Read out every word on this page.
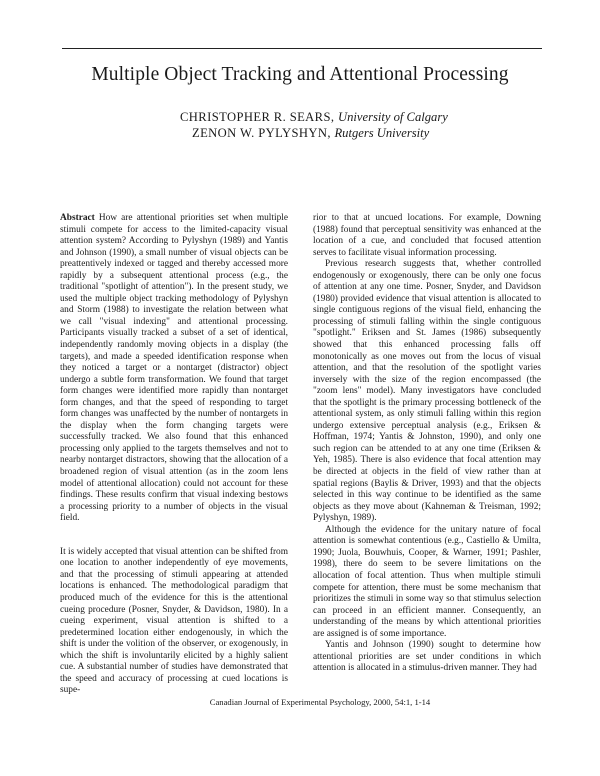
Multiple Object Tracking and Attentional Processing
CHRISTOPHER R. SEARS, University of Calgary
ZENON W. PYLYSHYN, Rutgers University

Abstract How are attentional priorities set when multiple stimuli compete for access to the limited-capacity visual attention system? According to Pylyshyn (1989) and Yantis and Johnson (1990), a small number of visual objects can be preattentively indexed or tagged and thereby accessed more rapidly by a subsequent attentional process (e.g., the traditional "spotlight of attention"). In the present study, we used the multiple object tracking methodology of Pylyshyn and Storm (1988) to investigate the relation between what we call "visual indexing" and attentional processing. Participants visually tracked a subset of a set of identical, independently randomly moving objects in a display (the targets), and made a speeded identification response when they noticed a target or a nontarget (distractor) object undergo a subtle form transformation. We found that target form changes were identified more rapidly than nontarget form changes, and that the speed of responding to target form changes was unaffected by the number of nontargets in the display when the form changing targets were successfully tracked. We also found that this enhanced processing only applied to the targets themselves and not to nearby nontarget distractors, showing that the allocation of a broadened region of visual attention (as in the zoom lens model of attentional allocation) could not account for these findings. These results confirm that visual indexing bestows a processing priority to a number of objects in the visual field.

It is widely accepted that visual attention can be shifted from one location to another independently of eye movements, and that the processing of stimuli appearing at attended locations is enhanced. The methodological paradigm that produced much of the evidence for this is the attentional cueing procedure (Posner, Snyder, & Davidson, 1980). In a cueing experiment, visual attention is shifted to a predetermined location either endogenously, in which the shift is under the volition of the observer, or exogenously, in which the shift is involuntarily elicited by a highly salient cue. A substantial number of studies have demonstrated that the speed and accuracy of processing at cued locations is supe-

rior to that at uncued locations. For example, Downing (1988) found that perceptual sensitivity was enhanced at the location of a cue, and concluded that focused attention serves to facilitate visual information processing.

Previous research suggests that, whether controlled endogenously or exogenously, there can be only one focus of attention at any one time. Posner, Snyder, and Davidson (1980) provided evidence that visual attention is allocated to single contiguous regions of the visual field, enhancing the processing of stimuli falling within the single contiguous "spotlight." Eriksen and St. James (1986) subsequently showed that this enhanced processing falls off monotonically as one moves out from the locus of visual attention, and that the resolution of the spotlight varies inversely with the size of the region encompassed (the "zoom lens" model). Many investigators have concluded that the spotlight is the primary processing bottleneck of the attentional system, as only stimuli falling within this region undergo extensive perceptual analysis (e.g., Eriksen & Hoffman, 1974; Yantis & Johnston, 1990), and only one such region can be attended to at any one time (Eriksen & Yeh, 1985). There is also evidence that focal attention may be directed at objects in the field of view rather than at spatial regions (Baylis & Driver, 1993) and that the objects selected in this way continue to be identified as the same objects as they move about (Kahneman & Treisman, 1992; Pylyshyn, 1989).

Although the evidence for the unitary nature of focal attention is somewhat contentious (e.g., Castiello & Umilta, 1990; Juola, Bouwhuis, Cooper, & Warner, 1991; Pashler, 1998), there do seem to be severe limitations on the allocation of focal attention. Thus when multiple stimuli compete for attention, there must be some mechanism that prioritizes the stimuli in some way so that stimulus selection can proceed in an efficient manner. Consequently, an understanding of the means by which attentional priorities are assigned is of some importance.

Yantis and Johnson (1990) sought to determine how attentional priorities are set under conditions in which attention is allocated in a stimulus-driven manner. They had

Canadian Journal of Experimental Psychology, 2000, 54:1, 1-14
